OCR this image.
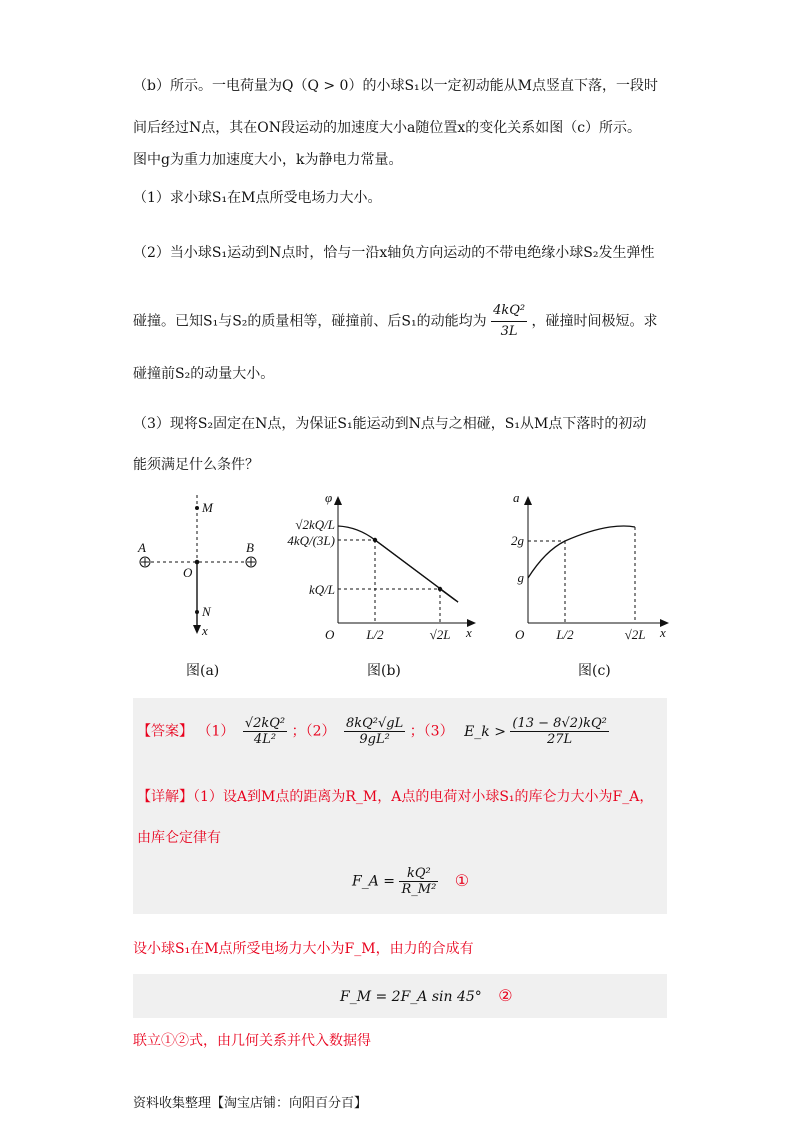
（b）所示。一电荷量为Q（Q > 0）的小球S₁以一定初动能从M点竖直下落，一段时
间后经过N点，其在ON段运动的加速度大小a随位置x的变化关系如图（c）所示。
图中g为重力加速度大小，k为静电力常量。
（1）求小球S₁在M点所受电场力大小。
（2）当小球S₁运动到N点时，恰与一沿x轴负方向运动的不带电绝缘小球S₂发生弹性
碰撞。已知S₁与S₂的质量相等，碰撞前、后S₁的动能均为 $\frac{\text{4kQ²}}{3L}$ ，碰撞时间极短。求
碰撞前S₂的动量大小。
（3）现将S₂固定在N点，为保证S₁能运动到N点与之相碰，S₁从M点下落时的初动
能须满足什么条件？
M
A	B
O
N
x
φ
x
O
√2kQ/L
4kQ/(3L)
kQ/L
L/2	√2L
a
x
O
2g
g
L/2	√2L
图(a)	图(b)	图(c)
【答案】 $(1) \frac{\text{√2kQ²}}{\text{4L²}}$ ；$(2) \frac{\text{8kQ²√gL}}{\text{9gL²}}$ ；（3） E_k > $\frac{\text{(13 − 8√2)kQ²}}{27L}$
【详解】（1）设A到M点的距离为R_M，A点的电荷对小球S₁的库仑力大小为F_A，
由库仑定律有
F_A = $\frac{\text{kQ²}}{\text{R\_M²}}$ ①
设小球S₁在M点所受电场力大小为F_M，由力的合成有
F_M = 2F_A sin 45° ②
联立①②式，由几何关系并代入数据得
资料收集整理【淘宝店铺：向阳百分百】
